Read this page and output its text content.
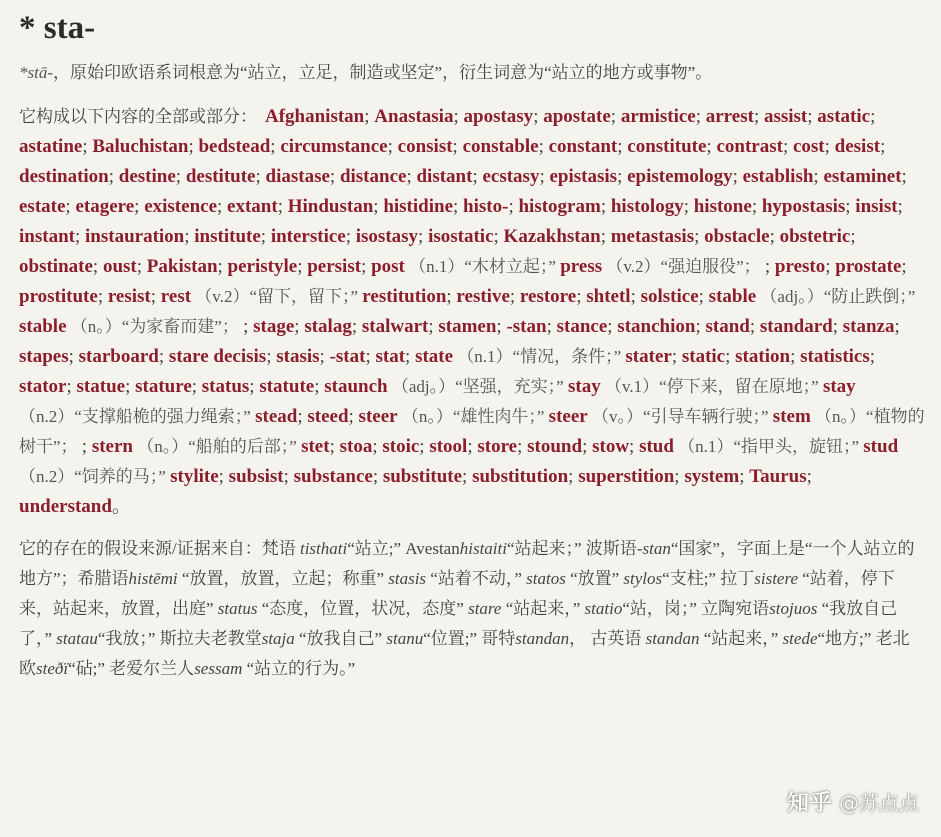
* sta-

*stā-，原始印欧语系词根意为“站立，立足，制造或坚定”，衍生词意为“站立的地方或事物”。

它构成以下内容的全部或部分： Afghanistan; Anastasia; apostasy; apostate; armistice; arrest; assist; astatic; astatine; Baluchistan; bedstead; circumstance; consist; constable; constant; constitute; contrast; cost; desist; destination; destine; destitute; diastase; distance; distant; ecstasy; epistasis; epistemology; establish; estaminet; estate; etagere; existence; extant; Hindustan; histidine; histo-; histogram; histology; histone; hypostasis; insist; instant; instauration; institute; interstice; isostasy; isostatic; Kazakhstan; metastasis; obstacle; obstetric; obstinate; oust; Pakistan; peristyle; persist; post （n.1）“木材立起；” press （v.2）“强迫服役”； ; presto; prostate; prostitute; resist; rest （v.2）“留下，留下；” restitution; restive; restore; shtetl; solstice; stable （adj。）“防止跌倒；” stable （n。）“为家畜而建”； ; stage; stalag; stalwart; stamen; -stan; stance; stanchion; stand; standard; stanza; stapes; starboard; stare decisis; stasis; -stat; stat; state （n.1）“情况，条件；” stater; static; station; statistics; stator; statue; stature; status; statute; staunch （adj。）“坚强，充实；” stay （v.1）“停下来，留在原地；” stay （n.2）“支撑船桅的强力绳索；” stead; steed; steer （n。）“雄性肉牛；” steer （v。）“引导车辆行驶；” stem （n。）“植物的树干”； ; stern （n。）“船舶的后部；” stet; stoa; stoic; stool; store; stound; stow; stud （n.1）“指甲头，旋钮；” stud （n.2）“饲养的马；” stylite; subsist; substance; substitute; substitution; superstition; system; Taurus; understand。

它的存在的假设来源/证据来自：梵语 tisthati“站立;” Avestanhistaiti“站起来；” 波斯语-stan“国家”，字面上是“一个人站立的地方”；希腊语histēmi “放置，放置，立起；称重” stasis “站着不动，” statos “放置” stylos“支柱;” 拉丁sistere “站着，停下来，站起来，放置，出庭” status “态度，位置，状况，态度” stare “站起来，” statio“站，岗；” 立陶宛语stojuos “我放自己了，” statau“我放；” 斯拉夫老教堂staja “放我自己” stanu“位置;” 哥特standan， 古英语 standan “站起来，” stede“地方;” 老北欧steðï“砧;” 老爱尔兰人sessam “站立的行为。”

知乎 @苏点点
